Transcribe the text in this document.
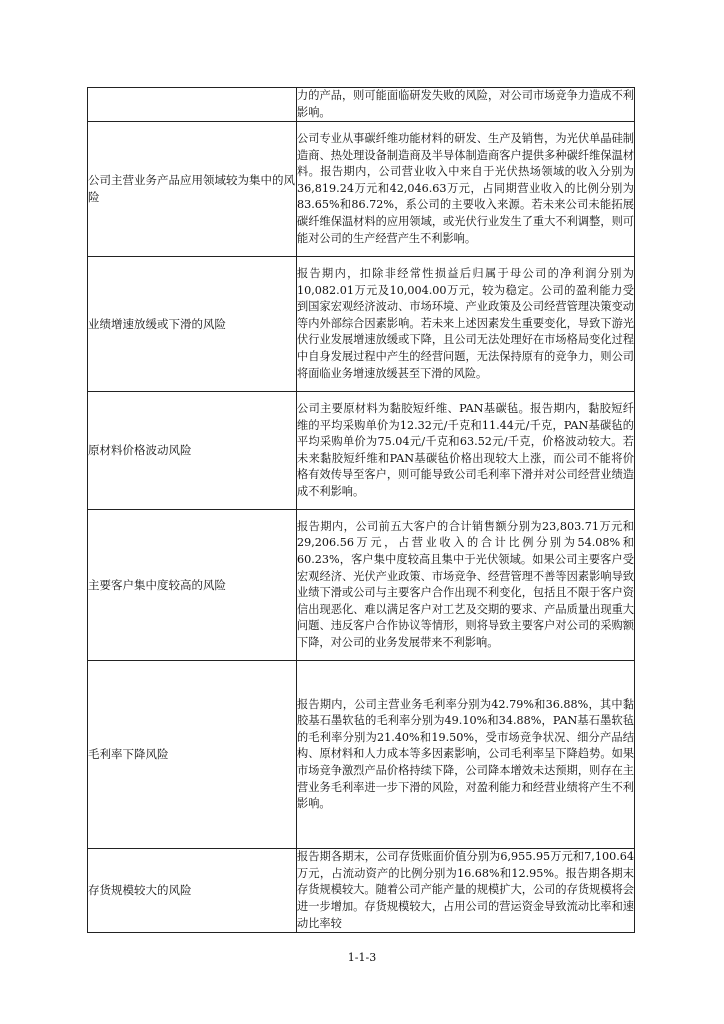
	力的产品，则可能面临研发失败的风险，对公司市场竞争力造成不利影响。
公司主营业务产品应用领域较为集中的风险	公司专业从事碳纤维功能材料的研发、生产及销售，为光伏单晶硅制造商、热处理设备制造商及半导体制造商客户提供多种碳纤维保温材料。报告期内，公司营业收入中来自于光伏热场领域的收入分别为36,819.24万元和42,046.63万元，占同期营业收入的比例分别为83.65%和86.72%，系公司的主要收入来源。若未来公司未能拓展碳纤维保温材料的应用领域，或光伏行业发生了重大不利调整，则可能对公司的生产经营产生不利影响。
业绩增速放缓或下滑的风险	报告期内，扣除非经常性损益后归属于母公司的净利润分别为10,082.01万元及10,004.00万元，较为稳定。公司的盈利能力受到国家宏观经济波动、市场环境、产业政策及公司经营管理决策变动等内外部综合因素影响。若未来上述因素发生重要变化，导致下游光伏行业发展增速放缓或下降，且公司无法处理好在市场格局变化过程中自身发展过程中产生的经营问题，无法保持原有的竞争力，则公司将面临业务增速放缓甚至下滑的风险。
原材料价格波动风险	公司主要原材料为黏胶短纤维、PAN基碳毡。报告期内，黏胶短纤维的平均采购单价为12.32元/千克和11.44元/千克，PAN基碳毡的平均采购单价为75.04元/千克和63.52元/千克，价格波动较大。若未来黏胶短纤维和PAN基碳毡价格出现较大上涨，而公司不能将价格有效传导至客户，则可能导致公司毛利率下滑并对公司经营业绩造成不利影响。
主要客户集中度较高的风险	报告期内，公司前五大客户的合计销售额分别为23,803.71万元和29,206.56万元，占营业收入的合计比例分别为54.08%和60.23%，客户集中度较高且集中于光伏领域。如果公司主要客户受宏观经济、光伏产业政策、市场竞争、经营管理不善等因素影响导致业绩下滑或公司与主要客户合作出现不利变化，包括且不限于客户资信出现恶化、难以满足客户对工艺及交期的要求、产品质量出现重大问题、违反客户合作协议等情形，则将导致主要客户对公司的采购额下降，对公司的业务发展带来不利影响。
毛利率下降风险	报告期内，公司主营业务毛利率分别为42.79%和36.88%，其中黏胶基石墨软毡的毛利率分别为49.10%和34.88%，PAN基石墨软毡的毛利率分别为21.40%和19.50%，受市场竞争状况、细分产品结构、原材料和人力成本等多因素影响，公司毛利率呈下降趋势。如果市场竞争激烈产品价格持续下降，公司降本增效未达预期，则存在主营业务毛利率进一步下滑的风险，对盈利能力和经营业绩将产生不利影响。
存货规模较大的风险	报告期各期末，公司存货账面价值分别为6,955.95万元和7,100.64万元，占流动资产的比例分别为16.68%和12.95%。报告期各期末存货规模较大。随着公司产能产量的规模扩大，公司的存货规模将会进一步增加。存货规模较大，占用公司的营运资金导致流动比率和速动比率较
1-1-3
